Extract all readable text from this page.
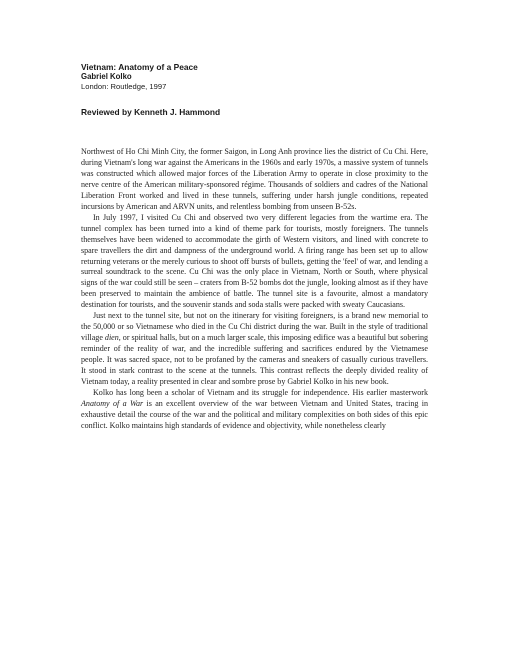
Vietnam: Anatomy of a Peace
Gabriel Kolko
London: Routledge, 1997
Reviewed by Kenneth J. Hammond

Northwest of Ho Chi Minh City, the former Saigon, in Long Anh province lies the district of Cu Chi. Here, during Vietnam's long war against the Americans in the 1960s and early 1970s, a massive system of tunnels was constructed which allowed major forces of the Liberation Army to operate in close proximity to the nerve centre of the American military-sponsored régime. Thousands of soldiers and cadres of the National Liberation Front worked and lived in these tunnels, suffering under harsh jungle conditions, repeated incursions by American and ARVN units, and relentless bombing from unseen B-52s.

In July 1997, I visited Cu Chi and observed two very different legacies from the wartime era. The tunnel complex has been turned into a kind of theme park for tourists, mostly foreigners. The tunnels themselves have been widened to accommodate the girth of Western visitors, and lined with concrete to spare travellers the dirt and dampness of the underground world. A firing range has been set up to allow returning veterans or the merely curious to shoot off bursts of bullets, getting the 'feel' of war, and lending a surreal soundtrack to the scene. Cu Chi was the only place in Vietnam, North or South, where physical signs of the war could still be seen – craters from B-52 bombs dot the jungle, looking almost as if they have been preserved to maintain the ambience of battle. The tunnel site is a favourite, almost a mandatory destination for tourists, and the souvenir stands and soda stalls were packed with sweaty Caucasians.

Just next to the tunnel site, but not on the itinerary for visiting foreigners, is a brand new memorial to the 50,000 or so Vietnamese who died in the Cu Chi district during the war. Built in the style of traditional village dien, or spiritual halls, but on a much larger scale, this imposing edifice was a beautiful but sobering reminder of the reality of war, and the incredible suffering and sacrifices endured by the Vietnamese people. It was sacred space, not to be profaned by the cameras and sneakers of casually curious travellers. It stood in stark contrast to the scene at the tunnels. This contrast reflects the deeply divided reality of Vietnam today, a reality presented in clear and sombre prose by Gabriel Kolko in his new book.

Kolko has long been a scholar of Vietnam and its struggle for independence. His earlier masterwork Anatomy of a War is an excellent overview of the war between Vietnam and United States, tracing in exhaustive detail the course of the war and the political and military complexities on both sides of this epic conflict. Kolko maintains high standards of evidence and objectivity, while nonetheless clearly
